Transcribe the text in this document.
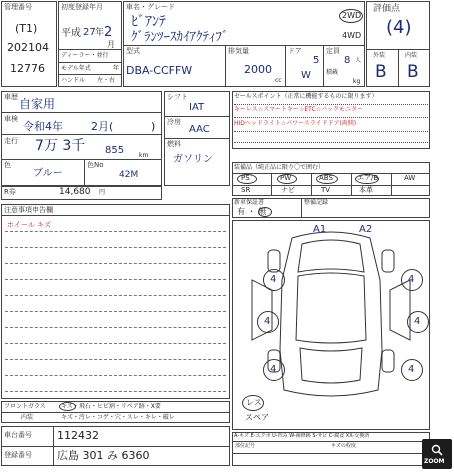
管理番号
(T1)
202104
12776
初度登録年月
平成 27 年 2
月
ディーラー・並行
モデル年式	年
ハンドル 左・右
車名・グレード
ﾋﾞｱﾝﾃ
ｸﾞﾗﾝﾂｰｽｶｲｱｸﾃｨﾌﾞ
2WD
4WD
型式
DBA-CCFFW
排気量
2000
cc
ドア
5
W
定員
8 人
積載
kg
評価点
(4)
外装	内装
B B
車歴 自家用
車検
令和4年	2月(	)
走行 7万 3千 855 km
色
ブルー
色No
42M
R券	14,680 円
シフト
IAT
冷房
AAC
燃料
ガソリン
セールスポイント（正常に機能するものに限ります）
キーレス☆スマートキー☆ETC☆バックモニター
HIDヘッドライト☆パワースライドドア(両側)
装備品（純正品に限り〇で囲む）
PS	PW	ABS	エア/B	AW
SR	ナビ	TV	本革
新車保証書
有 ・ 無
整備記録
注意事項申告欄
ホイール キズ	A1	A2
4	4
4	4
4	4
レス
スペア
フロントガラス	キズ・飛石・ヒビ割・リペア跡・X要
内装	キズ・汚レ・コゲ・穴・スレ・キレ・破レ
A-キズ E-エクボ U-凹み W-補修跡 S-サビ C-腐食 XX-交換済
部位記号	キズの程度
車台番号 112432
登録番号 広島 301 み 6360	ZOOM
